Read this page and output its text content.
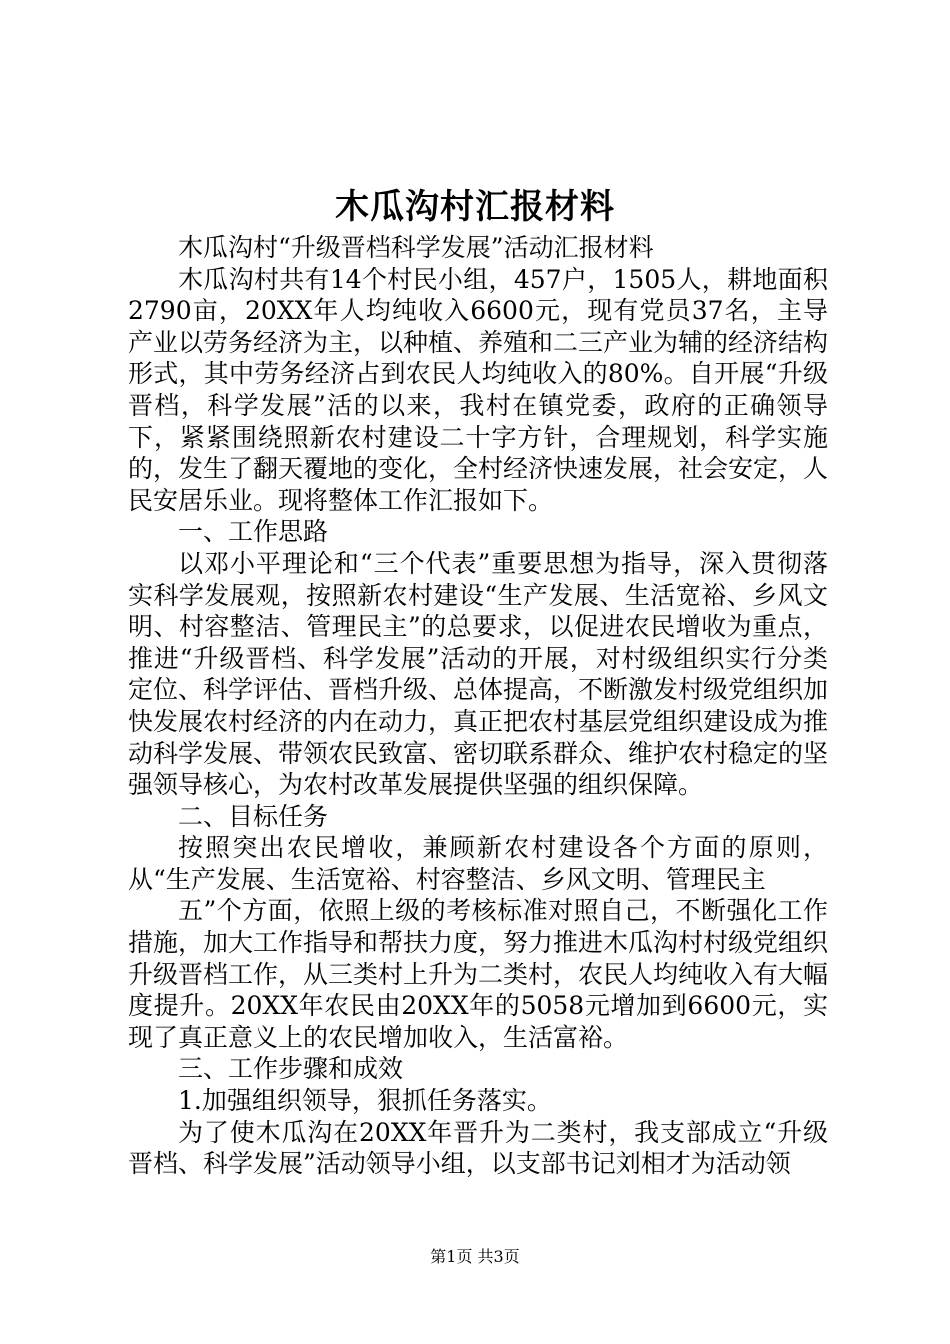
木瓜沟村汇报材料

木瓜沟村“升级晋档科学发展”活动汇报材料

木瓜沟村共有14个村民小组，457户，1505人，耕地面积2790亩，20XX年人均纯收入6600元，现有党员37名，主导产业以劳务经济为主，以种植、养殖和二三产业为辅的经济结构形式，其中劳务经济占到农民人均纯收入的80%。自开展“升级晋档，科学发展”活的以来，我村在镇党委，政府的正确领导下，紧紧围绕照新农村建设二十字方针，合理规划，科学实施的，发生了翻天覆地的变化，全村经济快速发展，社会安定，人民安居乐业。现将整体工作汇报如下。

一、工作思路

以邓小平理论和“三个代表”重要思想为指导，深入贯彻落实科学发展观，按照新农村建设“生产发展、生活宽裕、乡风文明、村容整洁、管理民主”的总要求，以促进农民增收为重点，推进“升级晋档、科学发展”活动的开展，对村级组织实行分类定位、科学评估、晋档升级、总体提高，不断激发村级党组织加快发展农村经济的内在动力，真正把农村基层党组织建设成为推动科学发展、带领农民致富、密切联系群众、维护农村稳定的坚强领导核心，为农村改革发展提供坚强的组织保障。

二、目标任务

按照突出农民增收，兼顾新农村建设各个方面的原则，从“生产发展、生活宽裕、村容整洁、乡风文明、管理民主

五”个方面，依照上级的考核标准对照自己，不断强化工作措施，加大工作指导和帮扶力度，努力推进木瓜沟村村级党组织升级晋档工作，从三类村上升为二类村，农民人均纯收入有大幅度提升。20XX年农民由20XX年的5058元增加到6600元，实现了真正意义上的农民增加收入，生活富裕。

三、工作步骤和成效

1.加强组织领导，狠抓任务落实。

为了使木瓜沟在20XX年晋升为二类村，我支部成立“升级晋档、科学发展”活动领导小组，以支部书记刘相才为活动领

第1页 共3页
